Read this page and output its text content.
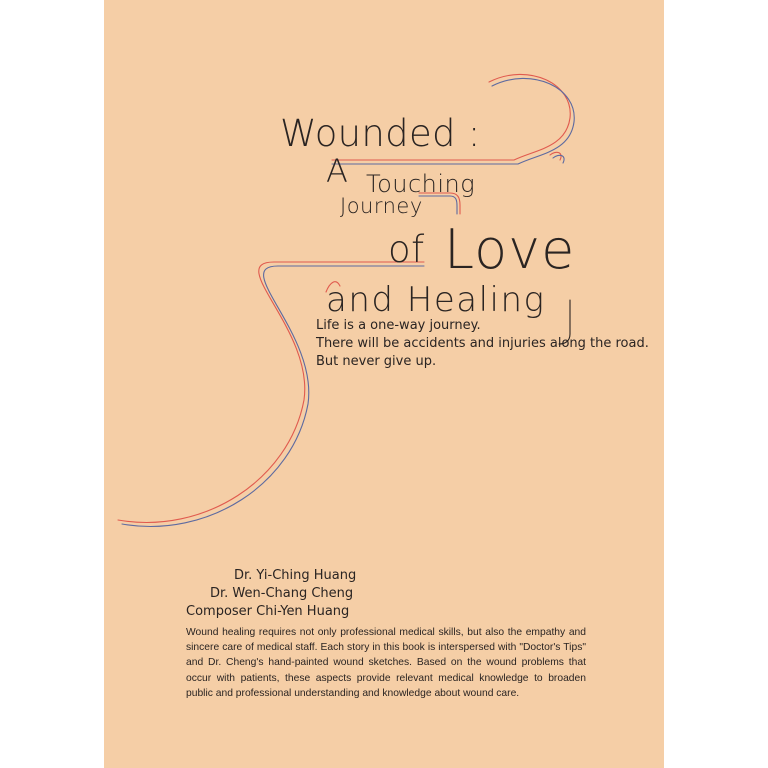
Wounded :
A Touching
Journey
of Love
and Healing
Life is a one-way journey.
There will be accidents and injuries along the road.
But never give up.
Dr. Yi-Ching Huang
Dr. Wen-Chang Cheng
Composer Chi-Yen Huang
Wound healing requires not only professional medical skills, but also the empathy and sincere care of medical staff. Each story in this book is interspersed with "Doctor's Tips" and Dr. Cheng's hand-painted wound sketches. Based on the wound problems that occur with patients, these aspects provide relevant medical knowledge to broaden public and professional understanding and knowledge about wound care.
